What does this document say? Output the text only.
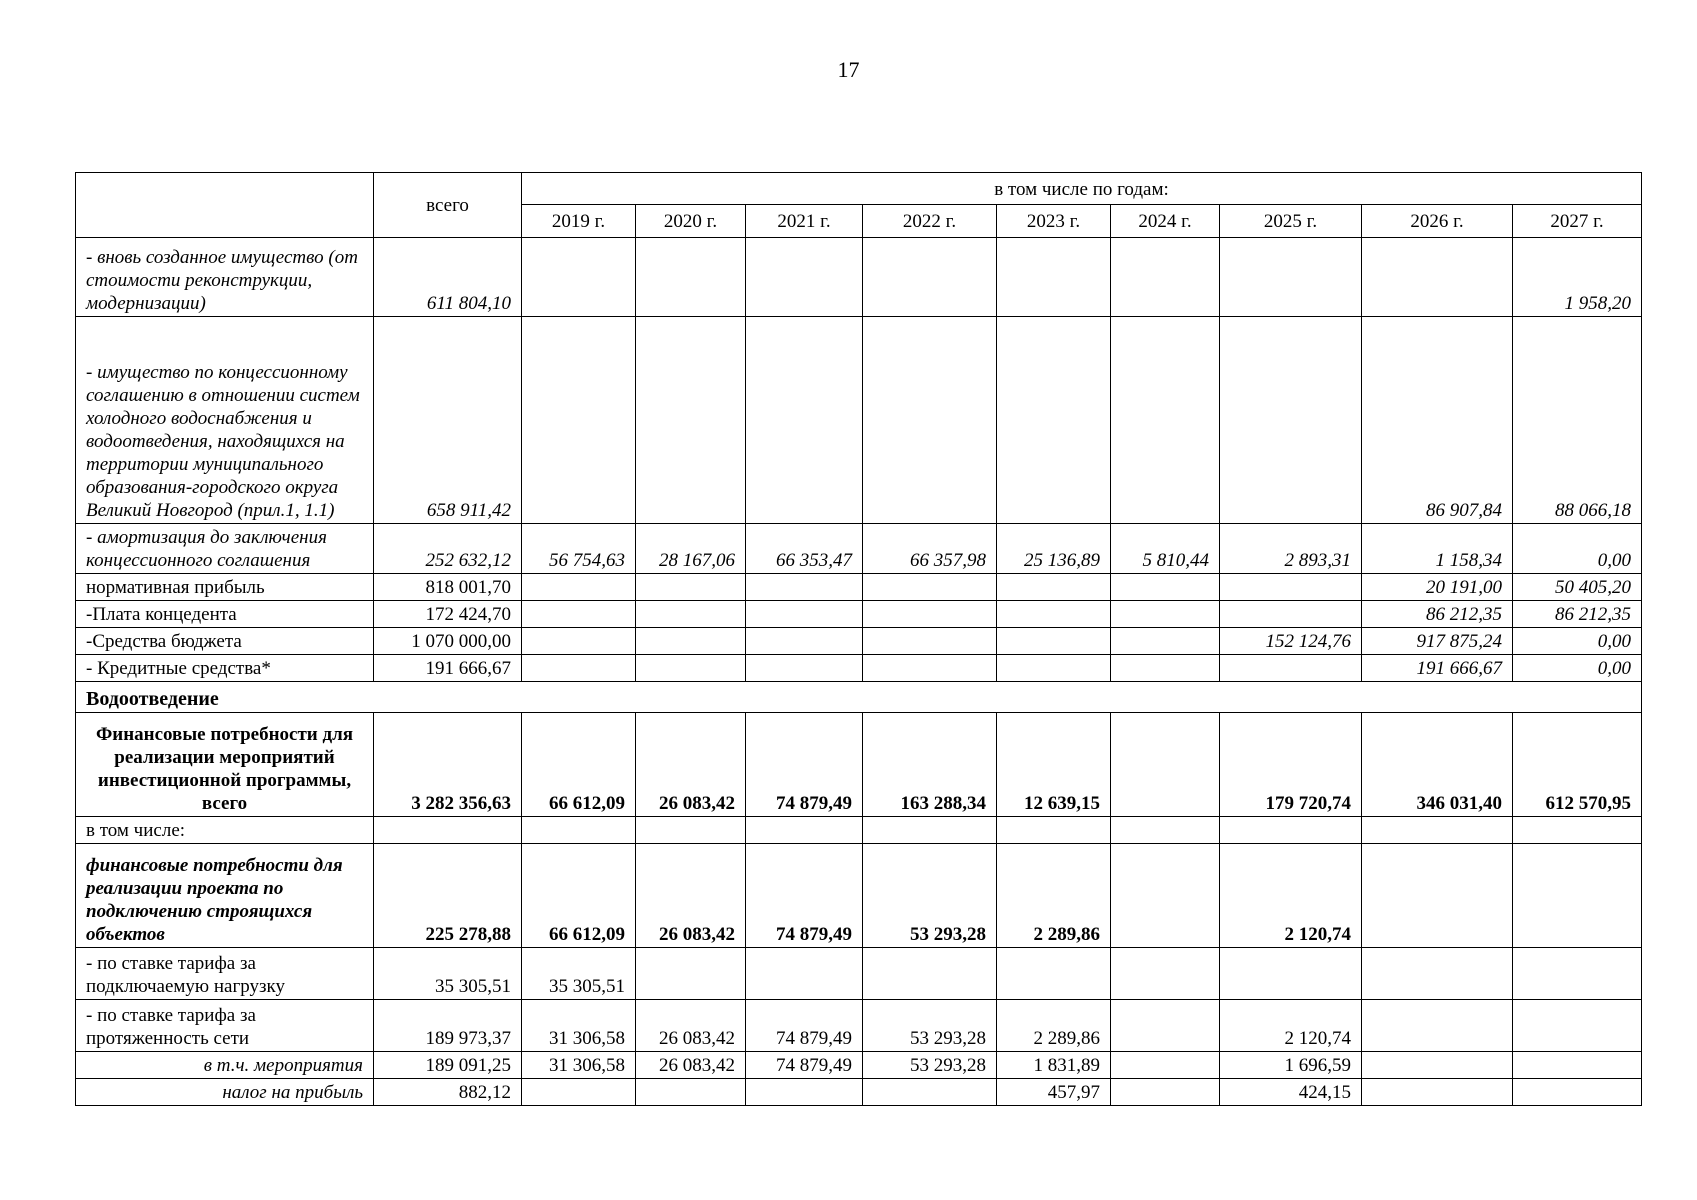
17
	всего	в том числе по годам:								
		2019 г.	2020 г.	2021 г.	2022 г.	2023 г.	2024 г.	2025 г.	2026 г.	2027 г.
- вновь созданное имущество (от стоимости реконструкции, модернизации)	611 804,10									1 958,20
- имущество по концессионному соглашению в отношении систем холодного водоснабжения и водоотведения, находящихся на территории муниципального образования-городского округа Великий Новгород (прил.1, 1.1)	658 911,42								86 907,84	88 066,18
- амортизация до заключения концессионного соглашения	252 632,12	56 754,63	28 167,06	66 353,47	66 357,98	25 136,89	5 810,44	2 893,31	1 158,34	0,00
нормативная прибыль	818 001,70								20 191,00	50 405,20
-Плата концедента	172 424,70								86 212,35	86 212,35
-Средства бюджета	1 070 000,00							152 124,76	917 875,24	0,00
- Кредитные средства*	191 666,67								191 666,67	0,00
Водоотведение										
Финансовые потребности для реализации мероприятий инвестиционной программы, всего	3 282 356,63	66 612,09	26 083,42	74 879,49	163 288,34	12 639,15		179 720,74	346 031,40	612 570,95
в том числе:										
финансовые потребности для реализации проекта по подключению строящихся объектов	225 278,88	66 612,09	26 083,42	74 879,49	53 293,28	2 289,86		2 120,74		
- по ставке тарифа за подключаемую нагрузку	35 305,51	35 305,51								
- по ставке тарифа за протяженность сети	189 973,37	31 306,58	26 083,42	74 879,49	53 293,28	2 289,86		2 120,74		
в т.ч. мероприятия	189 091,25	31 306,58	26 083,42	74 879,49	53 293,28	1 831,89		1 696,59		
налог на прибыль	882,12					457,97		424,15		
